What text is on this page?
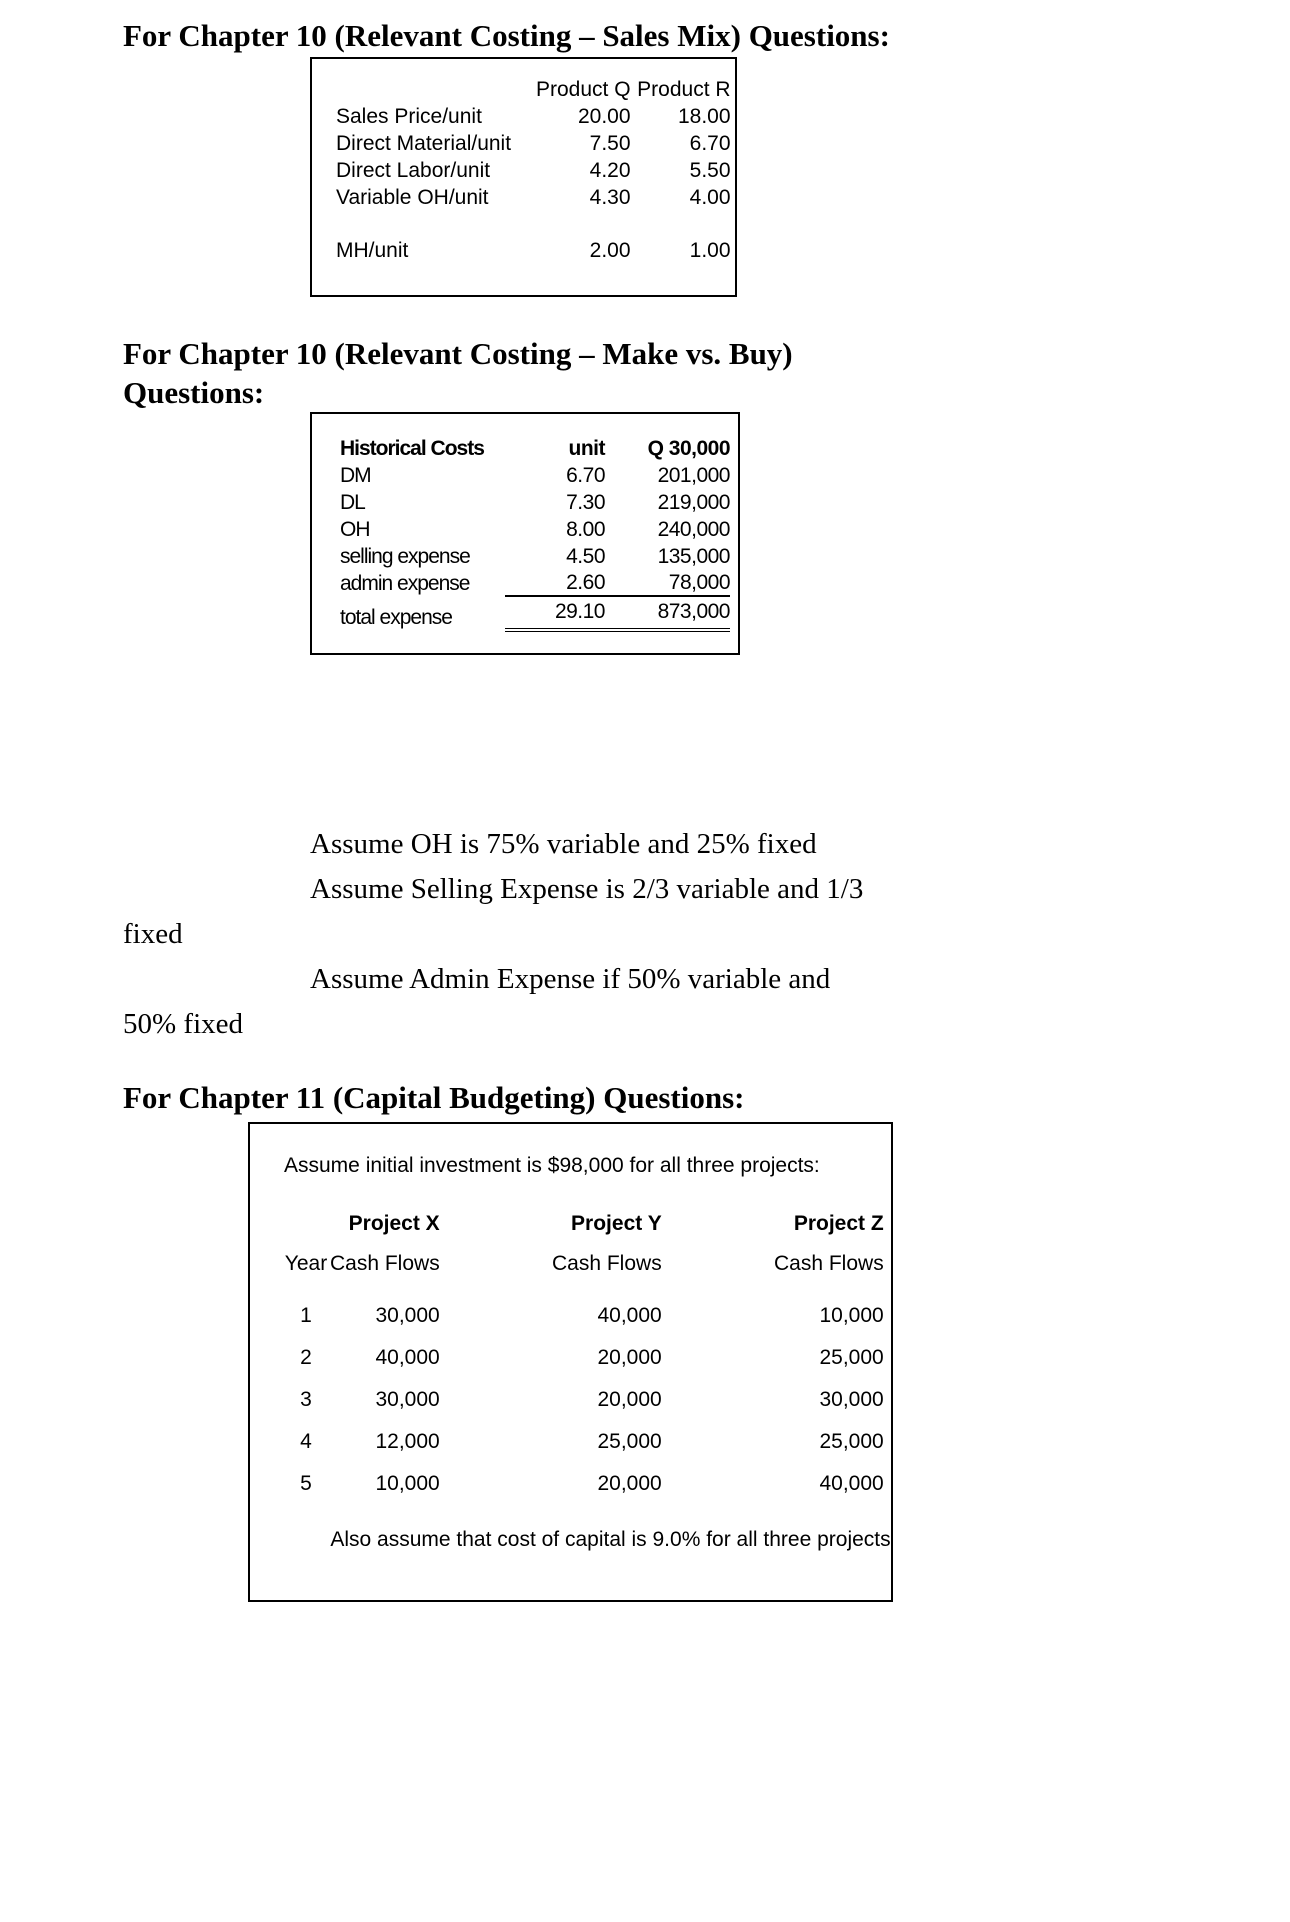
For Chapter 10 (Relevant Costing – Sales Mix) Questions:
	Product Q	Product R
Sales Price/unit	20.00	18.00
Direct Material/unit	7.50	6.70
Direct Labor/unit	4.20	5.50
Variable OH/unit	4.30	4.00

MH/unit	2.00	1.00
For Chapter 10 (Relevant Costing – Make vs. Buy)
Questions:
Historical Costs	unit	Q 30,000
DM	6.70	201,000
DL	7.30	219,000
OH	8.00	240,000
selling expense	4.50	135,000
admin expense	2.60	78,000
total expense	29.10	873,000
Assume OH is 75% variable and 25% fixed
Assume Selling Expense is 2/3 variable and 1/3
fixed
Assume Admin Expense if 50% variable and
50% fixed
For Chapter 11 (Capital Budgeting) Questions:
Assume initial investment is $98,000 for all three projects:
	Project X	Project Y	Project Z
Year	Cash Flows	Cash Flows	Cash Flows

1	30,000	40,000	10,000
2	40,000	20,000	25,000
3	30,000	20,000	30,000
4	12,000	25,000	25,000
5	10,000	20,000	40,000
Also assume that cost of capital is 9.0% for all three projects
